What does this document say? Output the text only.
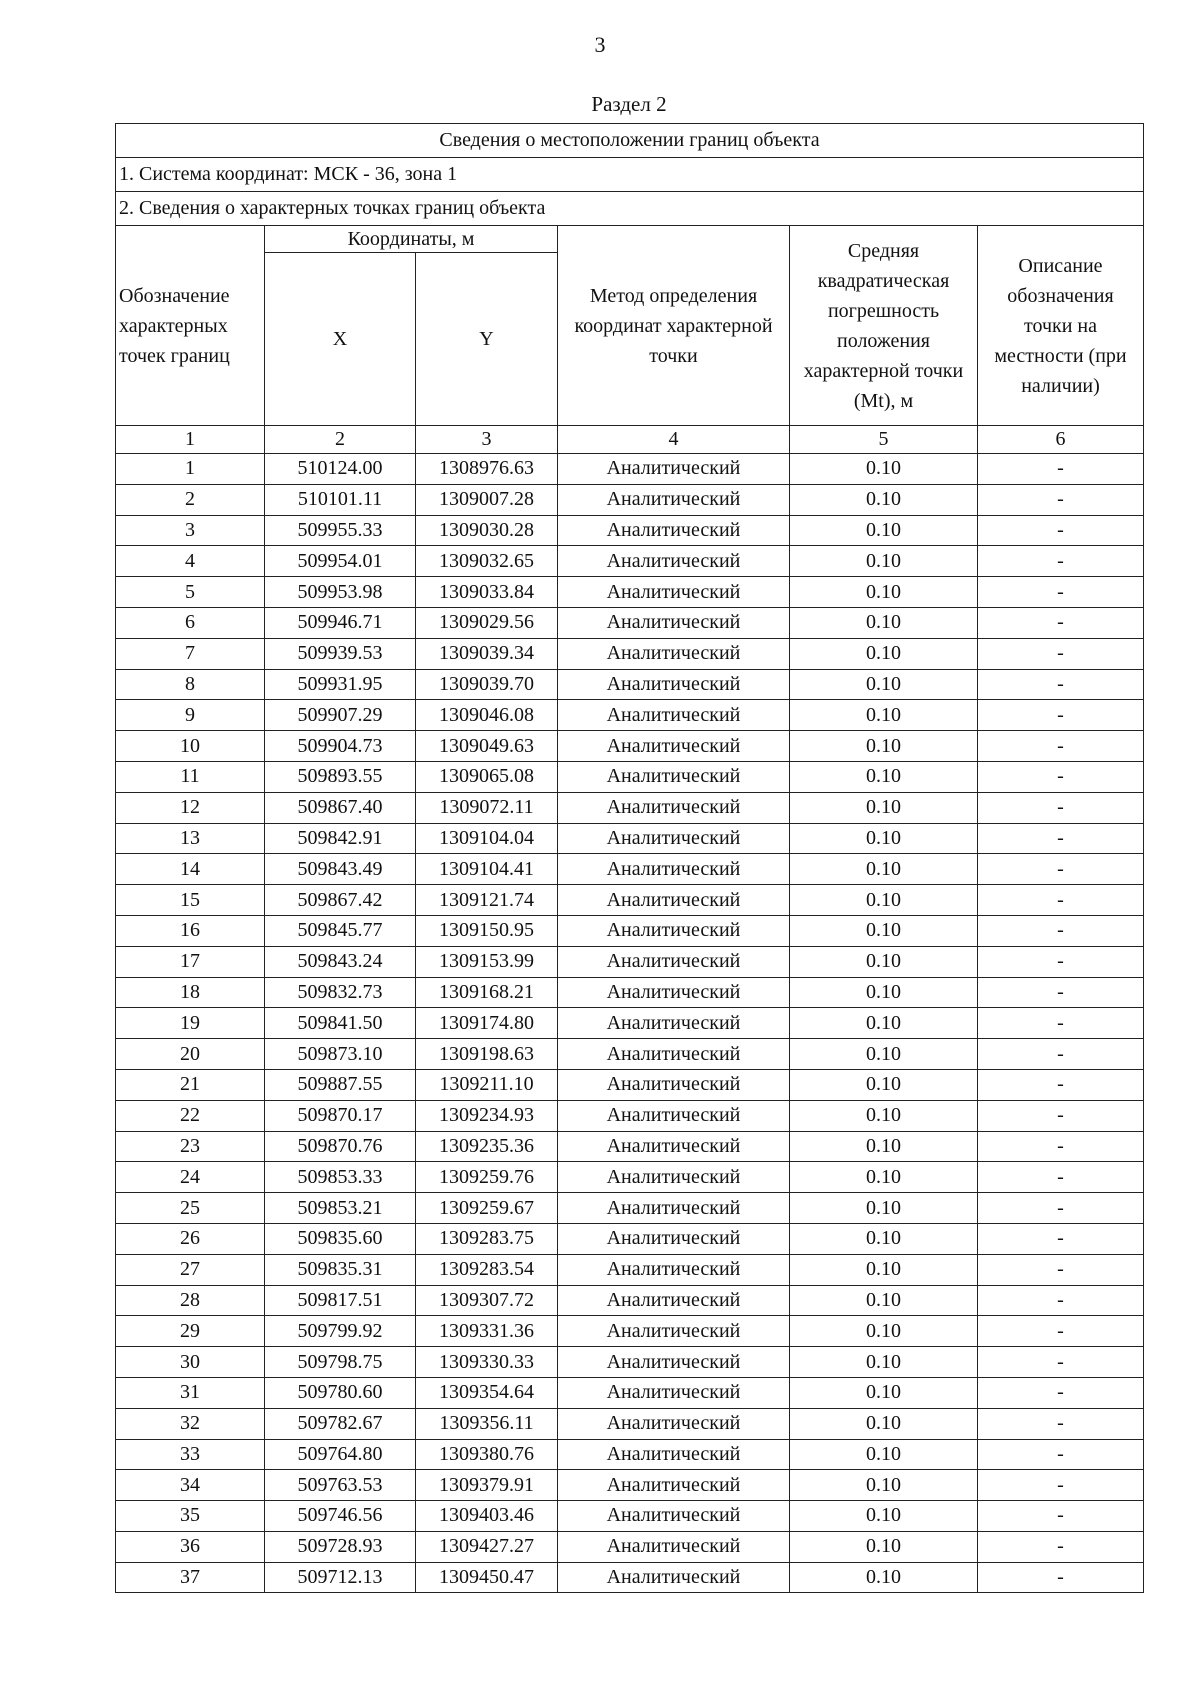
3
Раздел 2
Сведения о местоположении границ объекта					
1. Система координат: МСК - 36, зона 1					
2. Сведения о характерных точках границ объекта					
Обозначение характерных точек границ	Координаты, м		Метод определения координат характерной точки	Средняя квадратическая погрешность положения характерной точки (Mt), м	Описание обозначения точки на местности (при наличии)
	X	Y			
1	2	3	4	5	6
1	510124.00	1308976.63	Аналитический	0.10	-
2	510101.11	1309007.28	Аналитический	0.10	-
3	509955.33	1309030.28	Аналитический	0.10	-
4	509954.01	1309032.65	Аналитический	0.10	-
5	509953.98	1309033.84	Аналитический	0.10	-
6	509946.71	1309029.56	Аналитический	0.10	-
7	509939.53	1309039.34	Аналитический	0.10	-
8	509931.95	1309039.70	Аналитический	0.10	-
9	509907.29	1309046.08	Аналитический	0.10	-
10	509904.73	1309049.63	Аналитический	0.10	-
11	509893.55	1309065.08	Аналитический	0.10	-
12	509867.40	1309072.11	Аналитический	0.10	-
13	509842.91	1309104.04	Аналитический	0.10	-
14	509843.49	1309104.41	Аналитический	0.10	-
15	509867.42	1309121.74	Аналитический	0.10	-
16	509845.77	1309150.95	Аналитический	0.10	-
17	509843.24	1309153.99	Аналитический	0.10	-
18	509832.73	1309168.21	Аналитический	0.10	-
19	509841.50	1309174.80	Аналитический	0.10	-
20	509873.10	1309198.63	Аналитический	0.10	-
21	509887.55	1309211.10	Аналитический	0.10	-
22	509870.17	1309234.93	Аналитический	0.10	-
23	509870.76	1309235.36	Аналитический	0.10	-
24	509853.33	1309259.76	Аналитический	0.10	-
25	509853.21	1309259.67	Аналитический	0.10	-
26	509835.60	1309283.75	Аналитический	0.10	-
27	509835.31	1309283.54	Аналитический	0.10	-
28	509817.51	1309307.72	Аналитический	0.10	-
29	509799.92	1309331.36	Аналитический	0.10	-
30	509798.75	1309330.33	Аналитический	0.10	-
31	509780.60	1309354.64	Аналитический	0.10	-
32	509782.67	1309356.11	Аналитический	0.10	-
33	509764.80	1309380.76	Аналитический	0.10	-
34	509763.53	1309379.91	Аналитический	0.10	-
35	509746.56	1309403.46	Аналитический	0.10	-
36	509728.93	1309427.27	Аналитический	0.10	-
37	509712.13	1309450.47	Аналитический	0.10	-
